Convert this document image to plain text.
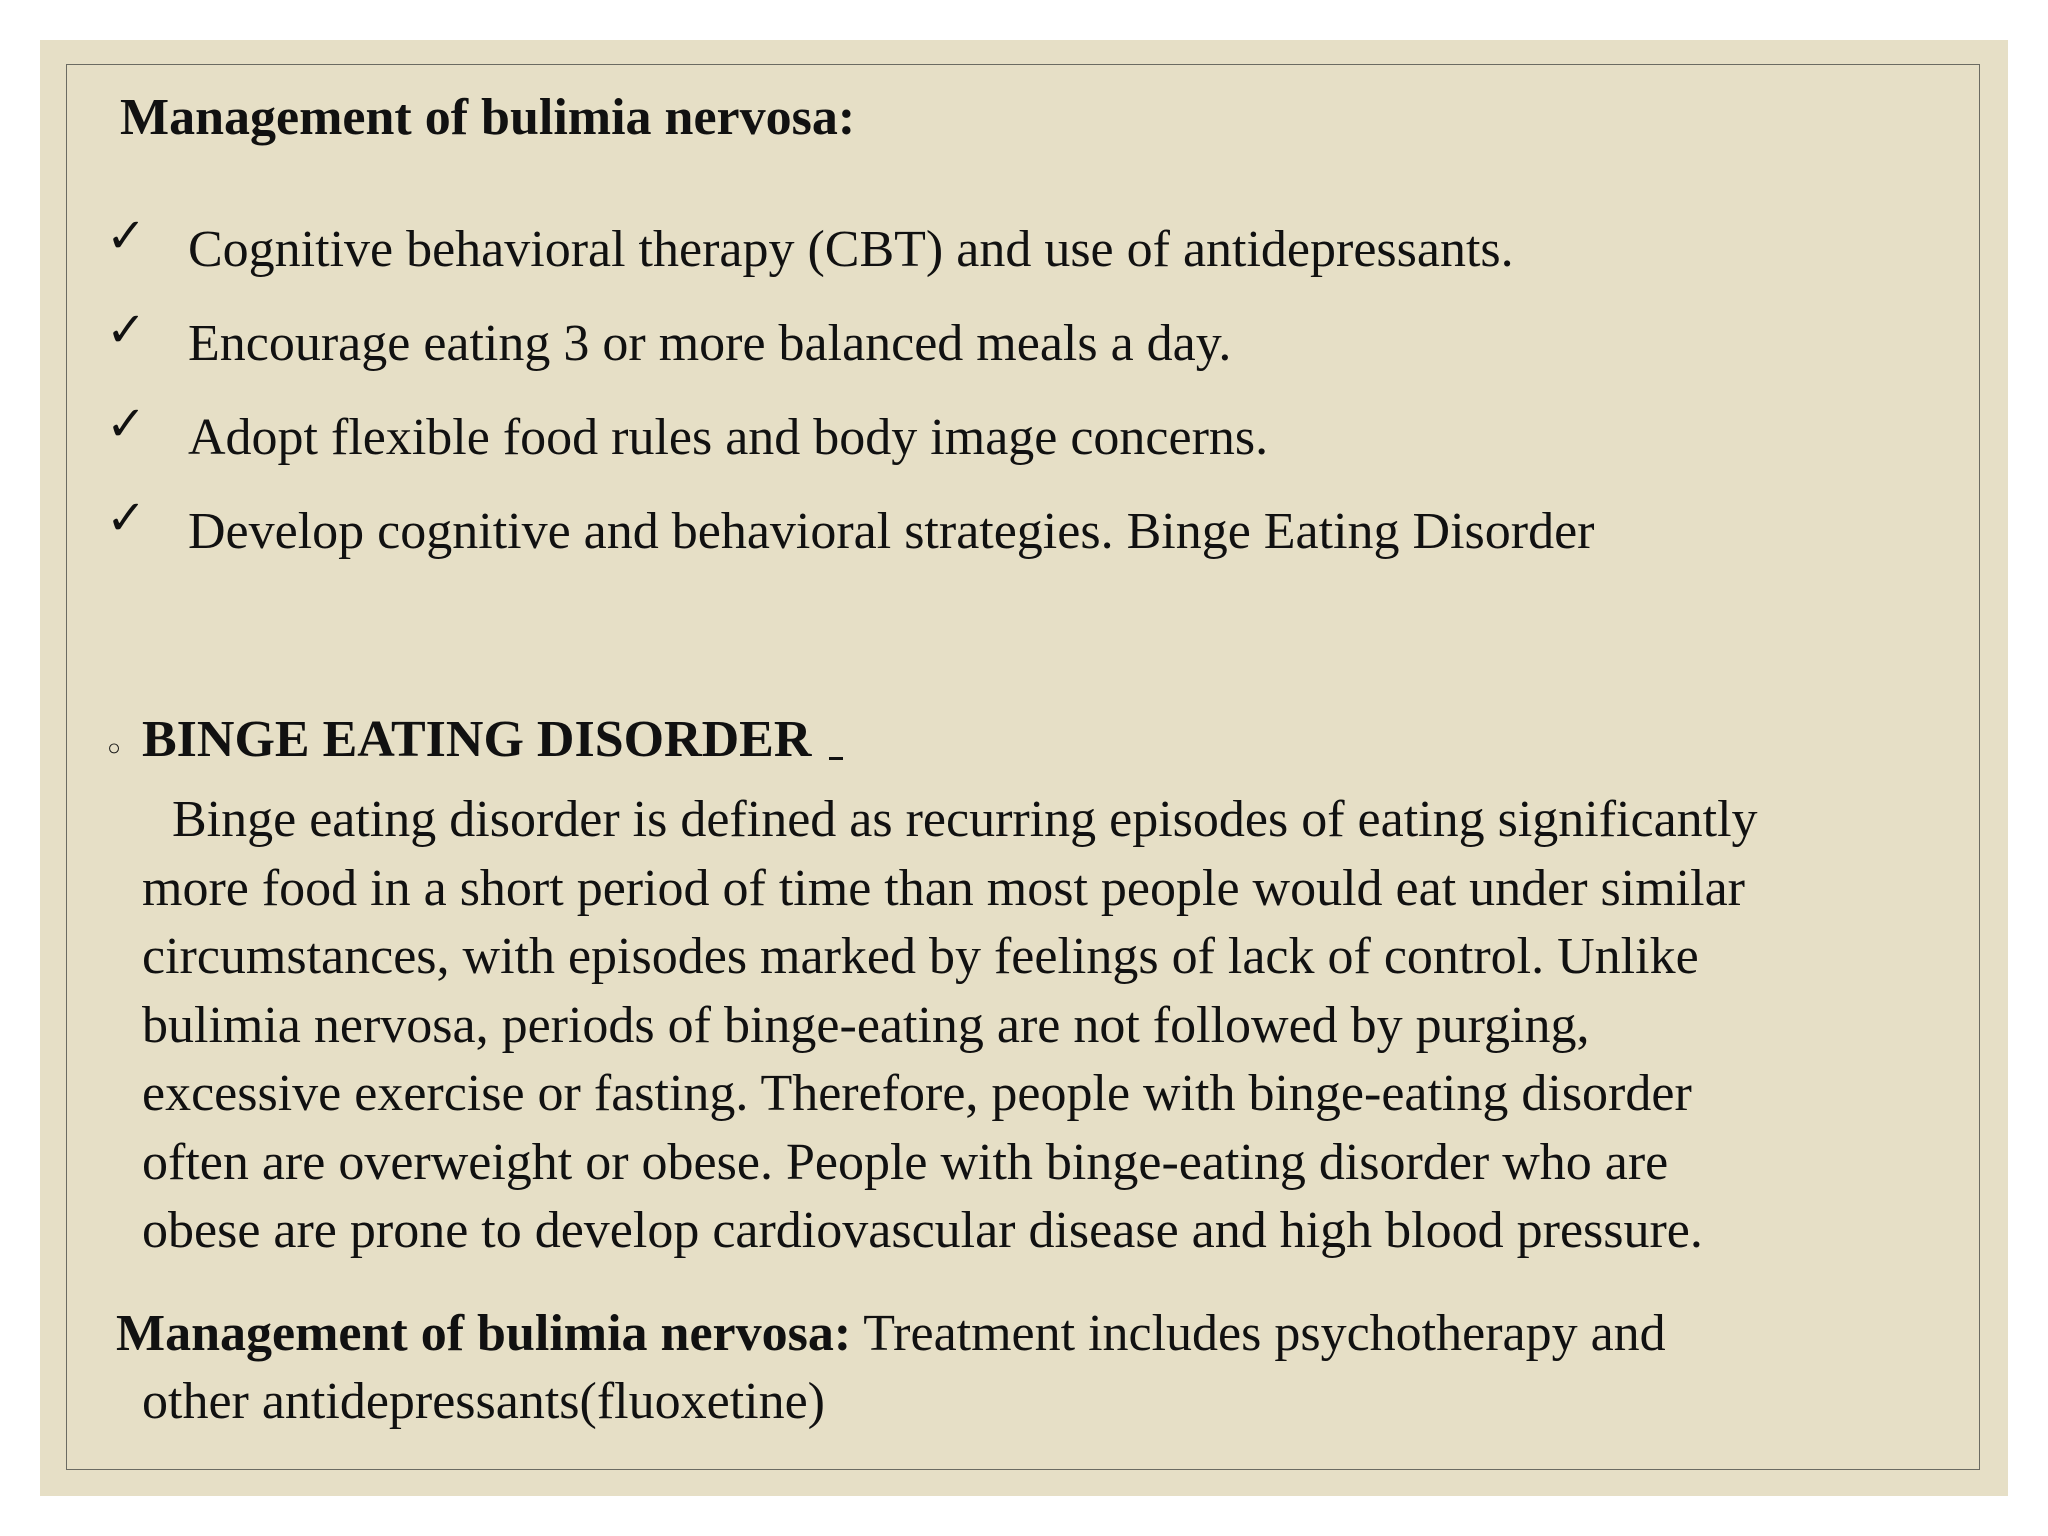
Management of bulimia nervosa:
✓ Cognitive behavioral therapy (CBT) and use of antidepressants.
✓ Encourage eating 3 or more balanced meals a day.
✓ Adopt flexible food rules and body image concerns.
✓ Develop cognitive and behavioral strategies. Binge Eating Disorder
◦ BINGE EATING DISORDER

Binge eating disorder is defined as recurring episodes of eating significantly
more food in a short period of time than most people would eat under similar
circumstances, with episodes marked by feelings of lack of control. Unlike
bulimia nervosa, periods of binge-eating are not followed by purging,
excessive exercise or fasting. Therefore, people with binge-eating disorder
often are overweight or obese. People with binge-eating disorder who are
obese are prone to develop cardiovascular disease and high blood pressure.

Management of bulimia nervosa: Treatment includes psychotherapy and
other antidepressants(fluoxetine)
